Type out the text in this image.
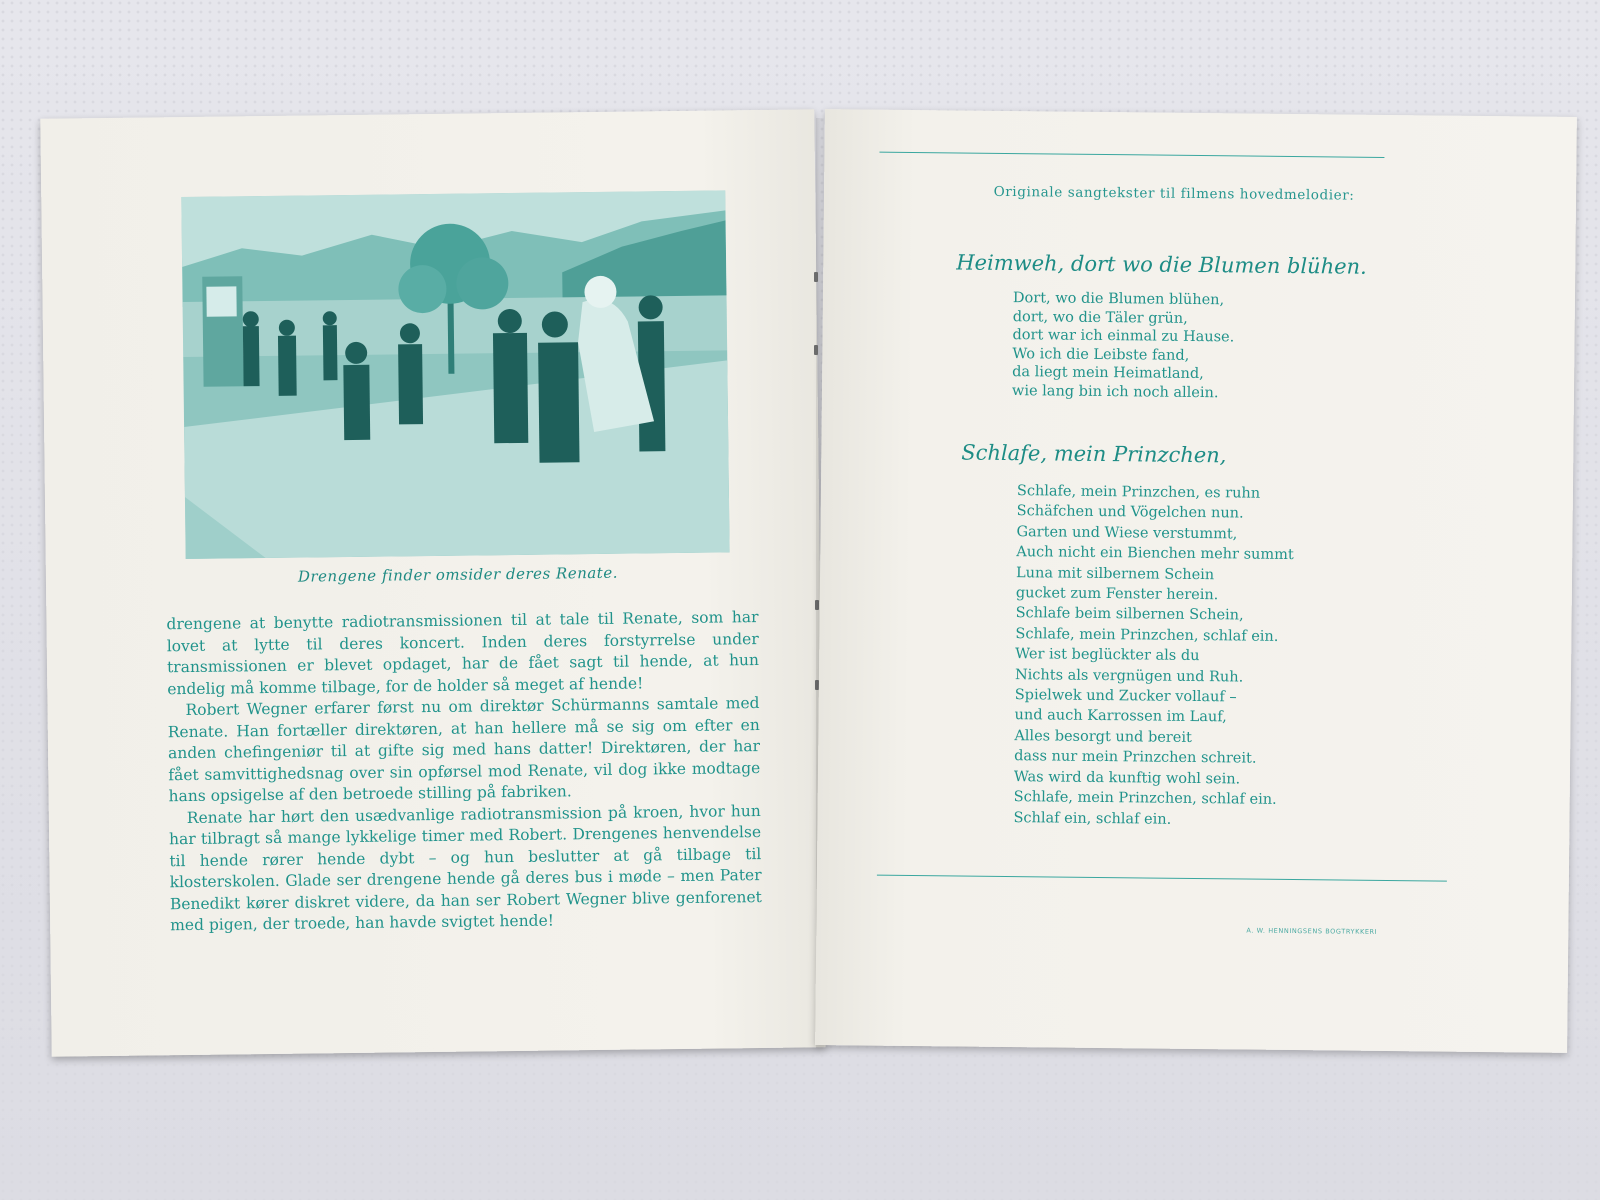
Drengene finder omsider deres Renate.

drengene at benytte radiotransmissionen til at tale til Renate, som har lovet at lytte til deres koncert. Inden deres forstyrrelse under transmissionen er blevet opdaget, har de fået sagt til hende, at hun endelig må komme tilbage, for de holder så meget af hende!

Robert Wegner erfarer først nu om direktør Schürmanns samtale med Renate. Han fortæller direktøren, at han hellere må se sig om efter en anden chefingeniør til at gifte sig med hans datter! Direktøren, der har fået samvittighedsnag over sin opførsel mod Renate, vil dog ikke modtage hans opsigelse af den betroede stilling på fabriken.

Renate har hørt den usædvanlige radiotransmission på kroen, hvor hun har tilbragt så mange lykkelige timer med Robert. Drengenes henvendelse til hende rører hende dybt – og hun beslutter at gå tilbage til klosterskolen. Glade ser drengene hende gå deres bus i møde – men Pater Benedikt kører diskret videre, da han ser Robert Wegner blive genforenet med pigen, der troede, han havde svigtet hende!

Originale sangtekster til filmens hovedmelodier:
Heimweh, dort wo die Blumen blühen.
Dort, wo die Blumen blühen,
dort, wo die Täler grün,
dort war ich einmal zu Hause.
Wo ich die Leibste fand,
da liegt mein Heimatland,
wie lang bin ich noch allein.
Schlafe, mein Prinzchen,
Schlafe, mein Prinzchen, es ruhn
Schäfchen und Vögelchen nun.
Garten und Wiese verstummt,
Auch nicht ein Bienchen mehr summt
Luna mit silbernem Schein
gucket zum Fenster herein.
Schlafe beim silbernen Schein,
Schlafe, mein Prinzchen, schlaf ein.
Wer ist beglückter als du
Nichts als vergnügen und Ruh.
Spielwek und Zucker vollauf –
und auch Karrossen im Lauf,
Alles besorgt und bereit
dass nur mein Prinzchen schreit.
Was wird da kunftig wohl sein.
Schlafe, mein Prinzchen, schlaf ein.
Schlaf ein, schlaf ein.
A. W. HENNINGSENS BOGTRYKKERI
